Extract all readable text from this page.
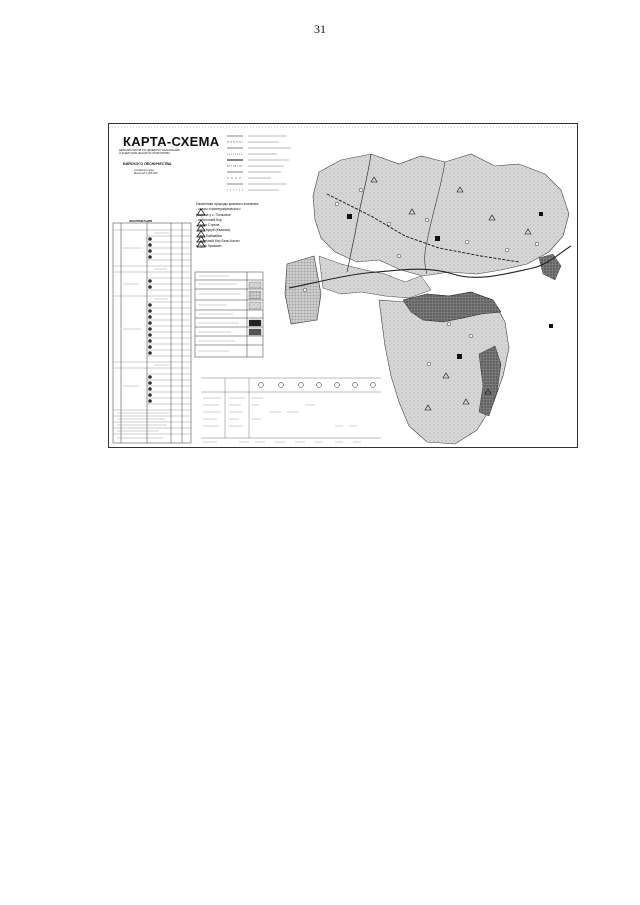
31
КАРТА-СХЕМА
ДЕЛЕНИЯ ЛЕСОВ ПО ЦЕЛЕВОМУ НАЗНАЧЕНИЮ
И ЗАЩИТНЫМ ЛЕСАМ ПО КАТЕГОРИЯМ
БИЙСКОГО ЛЕСНИЧЕСТВА
Алтайского края
Масштаб 1:300 000
ЭКСПЛИКАЦИЯ
Памятники природы краевого значения:
- скалы стратиграфического
разреза у с. Полковое
- ленточный бор
- сопка Стрела
- гора Кукуй (Казачья)
- гора Байшайка
- Скальный бор Бель-Катан
остров Лукашин
